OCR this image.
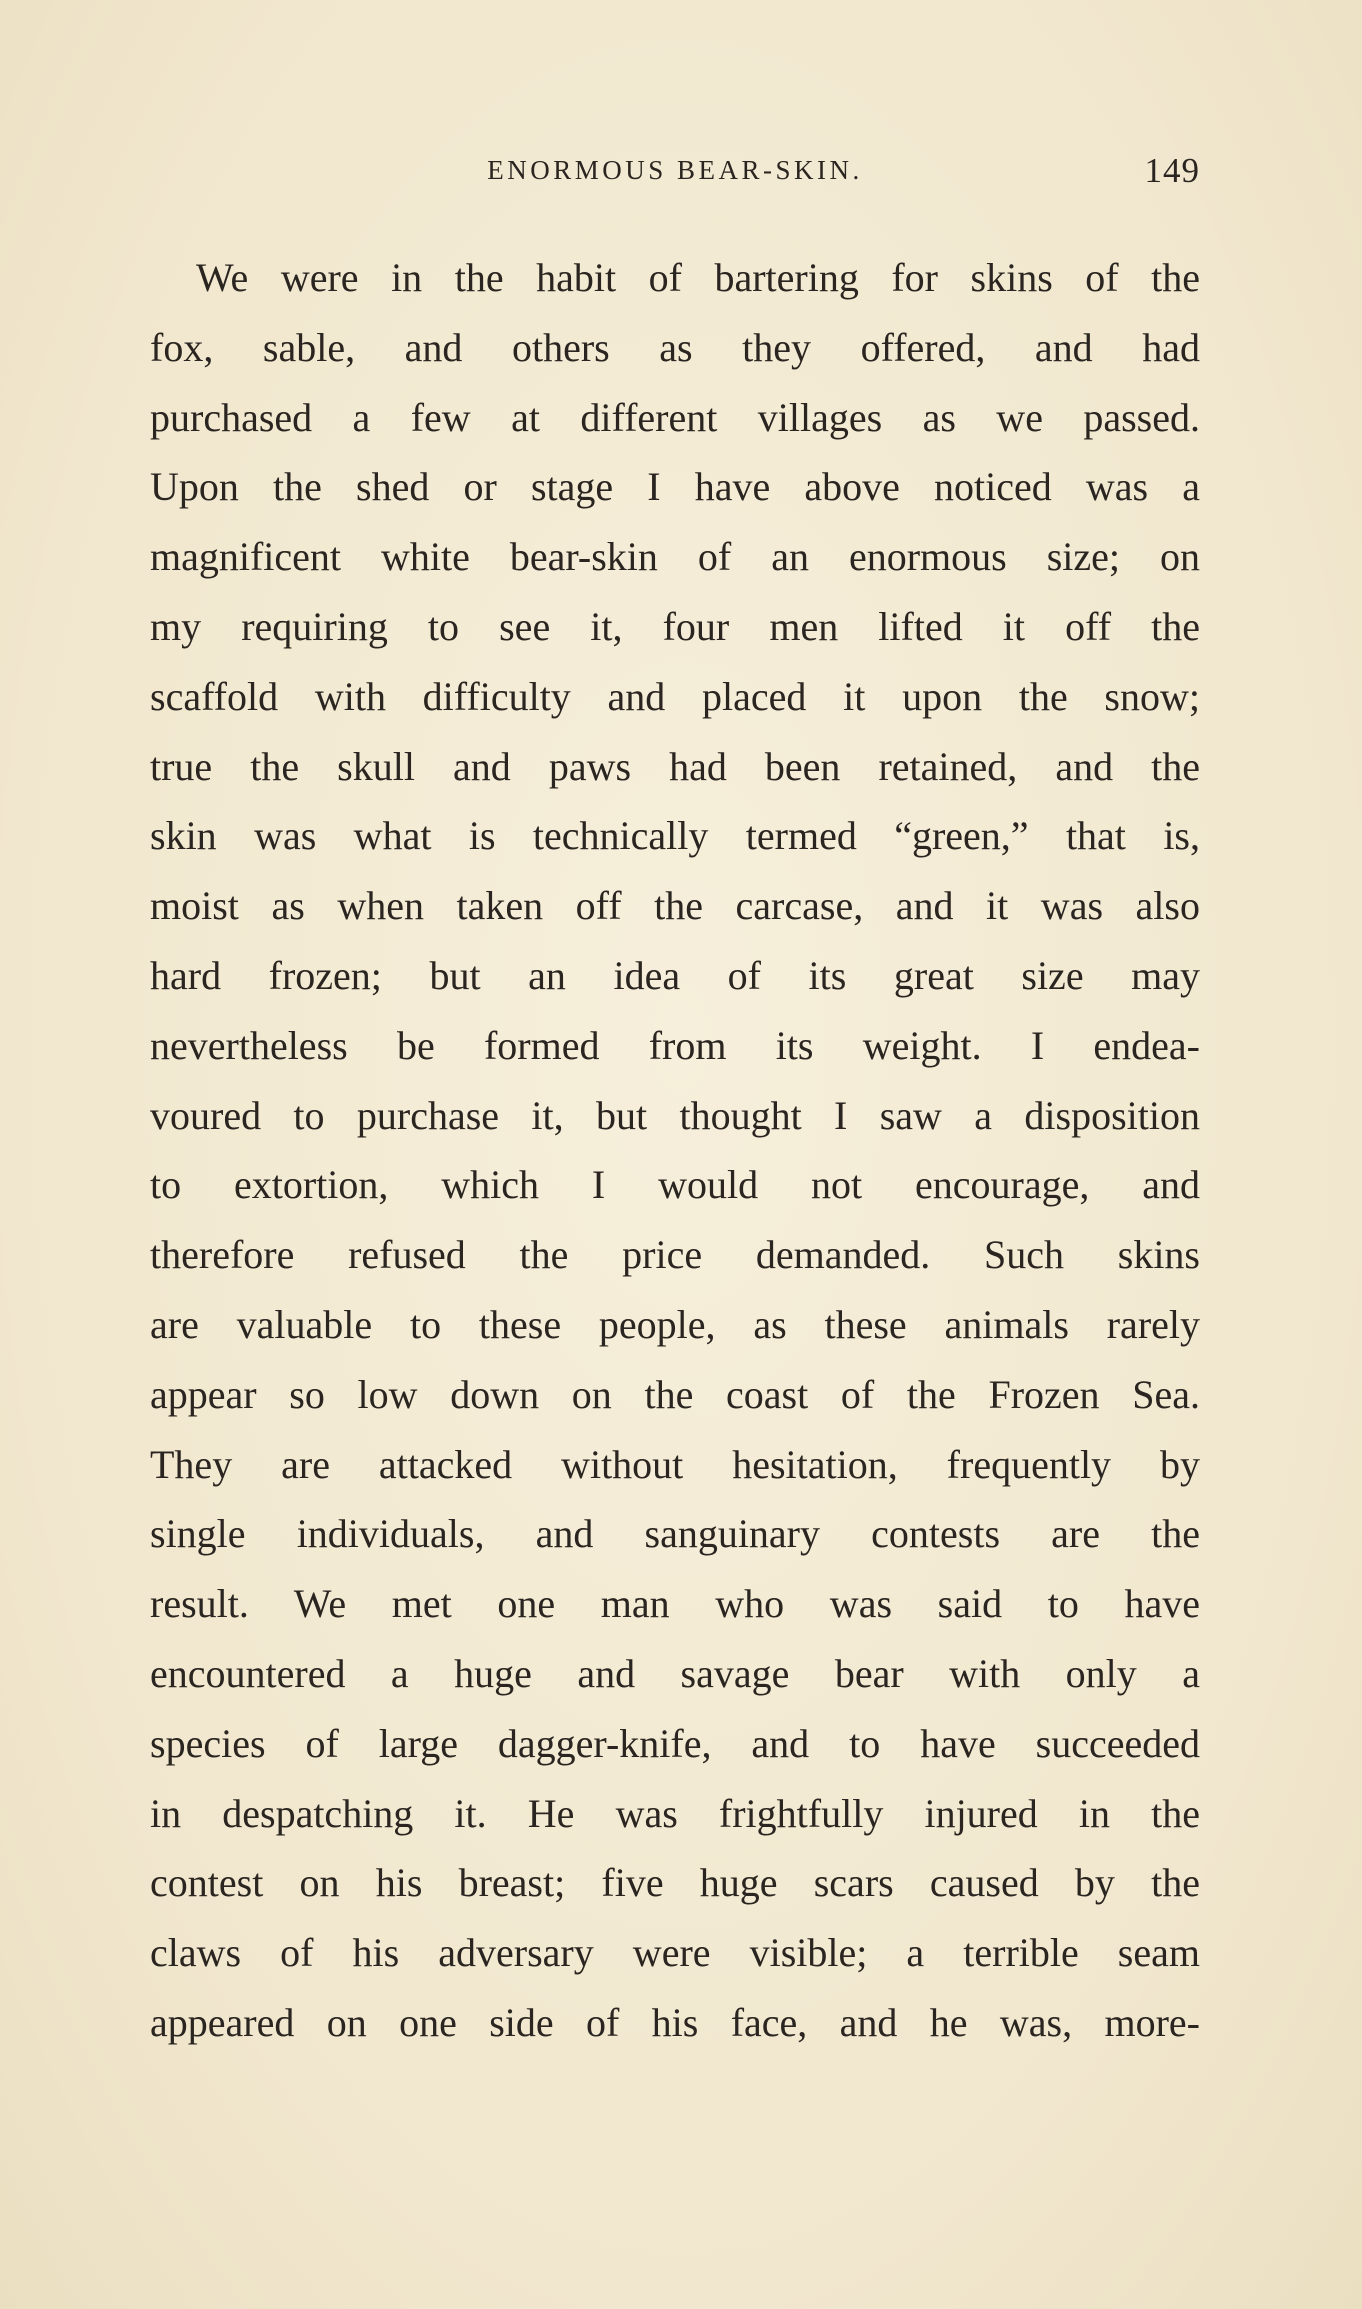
ENORMOUS BEAR-SKIN.	149
We were in the habit of bartering for skins of the
fox, sable, and others as they offered, and had
purchased a few at different villages as we passed.
Upon the shed or stage I have above noticed was a
magnificent white bear-skin of an enormous size; on
my requiring to see it, four men lifted it off the
scaffold with difficulty and placed it upon the snow;
true the skull and paws had been retained, and the
skin was what is technically termed “green,” that is,
moist as when taken off the carcase, and it was also
hard frozen; but an idea of its great size may
nevertheless be formed from its weight. I endea-
voured to purchase it, but thought I saw a disposition
to extortion, which I would not encourage, and
therefore refused the price demanded. Such skins
are valuable to these people, as these animals rarely
appear so low down on the coast of the Frozen Sea.
They are attacked without hesitation, frequently by
single individuals, and sanguinary contests are the
result. We met one man who was said to have
encountered a huge and savage bear with only a
species of large dagger-knife, and to have succeeded
in despatching it. He was frightfully injured in the
contest on his breast; five huge scars caused by the
claws of his adversary were visible; a terrible seam
appeared on one side of his face, and he was, more-
